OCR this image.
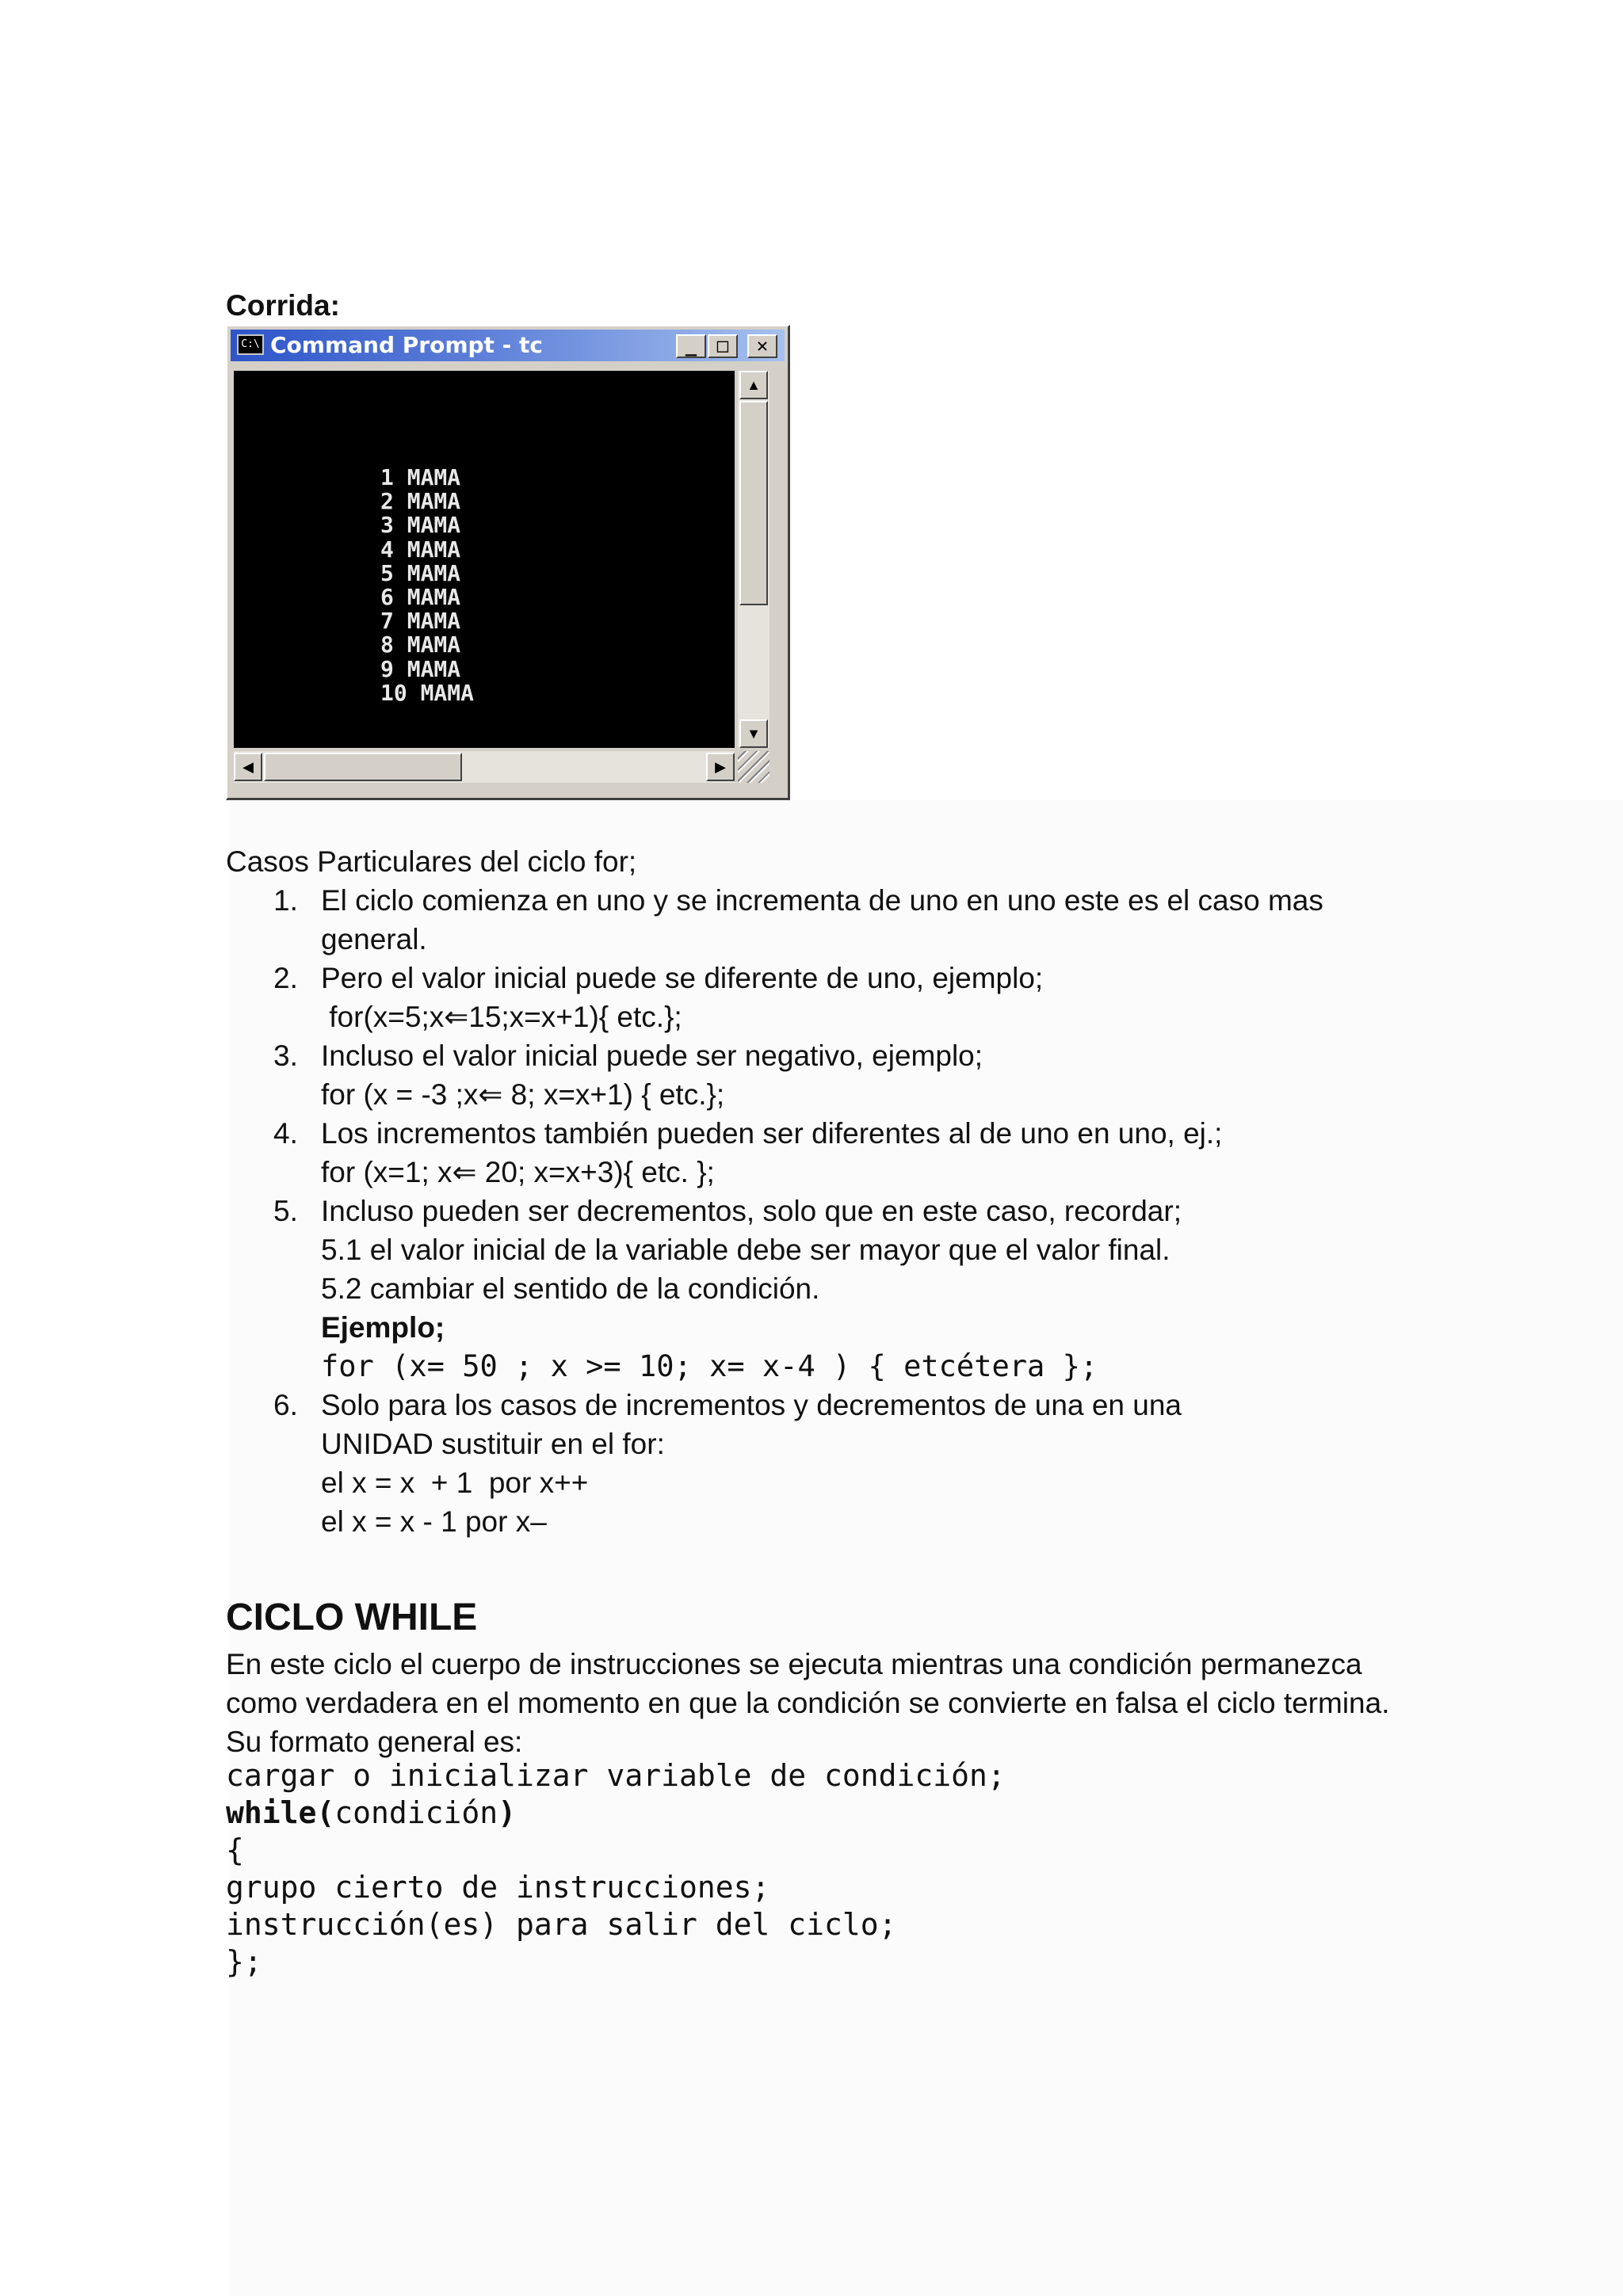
Corrida:
C:\ Command Prompt - tc	_	□	✕
1 MAMA
2 MAMA
3 MAMA
4 MAMA
5 MAMA
6 MAMA
7 MAMA
8 MAMA
9 MAMA
10 MAMA
▲
▼
◀	▶

Casos Particulares del ciclo for;

1. El ciclo comienza en uno y se incrementa de uno en uno este es el caso mas
general.
2. Pero el valor inicial puede se diferente de uno, ejemplo;
for(x=5;x⇐15;x=x+1){ etc.};
3. Incluso el valor inicial puede ser negativo, ejemplo;
for (x = -3 ;x⇐ 8; x=x+1) { etc.};
4. Los incrementos también pueden ser diferentes al de uno en uno, ej.;
for (x=1; x⇐ 20; x=x+3){ etc. };
5. Incluso pueden ser decrementos, solo que en este caso, recordar;
5.1 el valor inicial de la variable debe ser mayor que el valor final.
5.2 cambiar el sentido de la condición.
Ejemplo;
for (x= 50 ; x >= 10; x= x-4 ) { etcétera };
6. Solo para los casos de incrementos y decrementos de una en una
UNIDAD sustituir en el for:
el x = x  + 1  por x++
el x = x - 1 por x–
CICLO WHILE

En este ciclo el cuerpo de instrucciones se ejecuta mientras una condición permanezca

como verdadera en el momento en que la condición se convierte en falsa el ciclo termina.

Su formato general es:

cargar o inicializar variable de condición;
while(condición)
{
grupo cierto de instrucciones;
instrucción(es) para salir del ciclo;
};
